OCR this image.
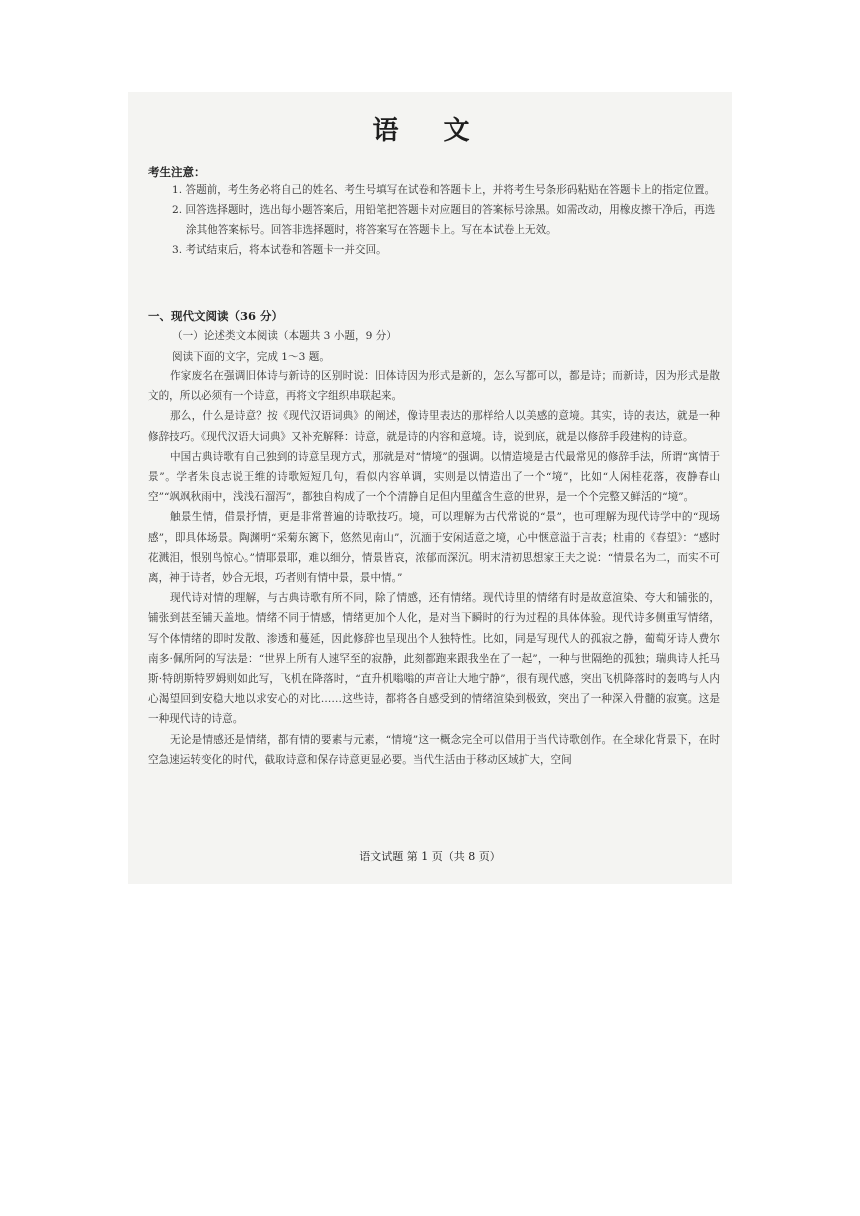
语 文
考生注意：
1. 答题前，考生务必将自己的姓名、考生号填写在试卷和答题卡上，并将考生号条形码粘贴在答题卡上的指定位置。
2. 回答选择题时，选出每小题答案后，用铅笔把答题卡对应题目的答案标号涂黑。如需改动，用橡皮擦干净后，再选涂其他答案标号。回答非选择题时，将答案写在答题卡上。写在本试卷上无效。
3. 考试结束后，将本试卷和答题卡一并交回。
一、现代文阅读（36 分）
（一）论述类文本阅读（本题共 3 小题，9 分）
阅读下面的文字，完成 1～3 题。

作家废名在强调旧体诗与新诗的区别时说：旧体诗因为形式是新的，怎么写都可以，都是诗；而新诗，因为形式是散文的，所以必须有一个诗意，再将文字组织串联起来。

那么，什么是诗意？按《现代汉语词典》的阐述，像诗里表达的那样给人以美感的意境。其实，诗的表达，就是一种修辞技巧。《现代汉语大词典》又补充解释：诗意，就是诗的内容和意境。诗，说到底，就是以修辞手段建构的诗意。

中国古典诗歌有自己独到的诗意呈现方式，那就是对“情境”的强调。以情造境是古代最常见的修辞手法，所谓“寓情于景”。学者朱良志说王维的诗歌短短几句，看似内容单调，实则是以情造出了一个“境”，比如“人闲桂花落，夜静春山空”“飒飒秋雨中，浅浅石溜泻”，都独自构成了一个个清静自足但内里蕴含生意的世界，是一个个完整又鲜活的“境”。

触景生情，借景抒情，更是非常普遍的诗歌技巧。境，可以理解为古代常说的“景”，也可理解为现代诗学中的“现场感”，即具体场景。陶渊明“采菊东篱下，悠然见南山”，沉湎于安闲适意之境，心中惬意溢于言表；杜甫的《春望》：“感时花溅泪，恨别鸟惊心。”情耶景耶，难以细分，情景皆哀，浓郁而深沉。明末清初思想家王夫之说：“情景名为二，而实不可离，神于诗者，妙合无垠，巧者则有情中景，景中情。”

现代诗对情的理解，与古典诗歌有所不同，除了情感，还有情绪。现代诗里的情绪有时是故意渲染、夸大和铺张的，铺张到甚至铺天盖地。情绪不同于情感，情绪更加个人化，是对当下瞬时的行为过程的具体体验。现代诗多侧重写情绪，写个体情绪的即时发散、渗透和蔓延，因此修辞也呈现出个人独特性。比如，同是写现代人的孤寂之静，葡萄牙诗人费尔南多·佩所阿的写法是：“世界上所有人速罕至的寂静，此刻都跑来跟我坐在了一起”，一种与世隔绝的孤独；瑞典诗人托马斯·特朗斯特罗姆则如此写，飞机在降落时，“直升机嗡嗡的声音让大地宁静”，很有现代感，突出飞机降落时的轰鸣与人内心渴望回到安稳大地以求安心的对比……这些诗，都将各自感受到的情绪渲染到极致，突出了一种深入骨髓的寂寞。这是一种现代诗的诗意。

无论是情感还是情绪，都有情的要素与元素，“情境”这一概念完全可以借用于当代诗歌创作。在全球化背景下，在时空急速运转变化的时代，截取诗意和保存诗意更显必要。当代生活由于移动区域扩大，空间

语文试题 第 1 页（共 8 页）
